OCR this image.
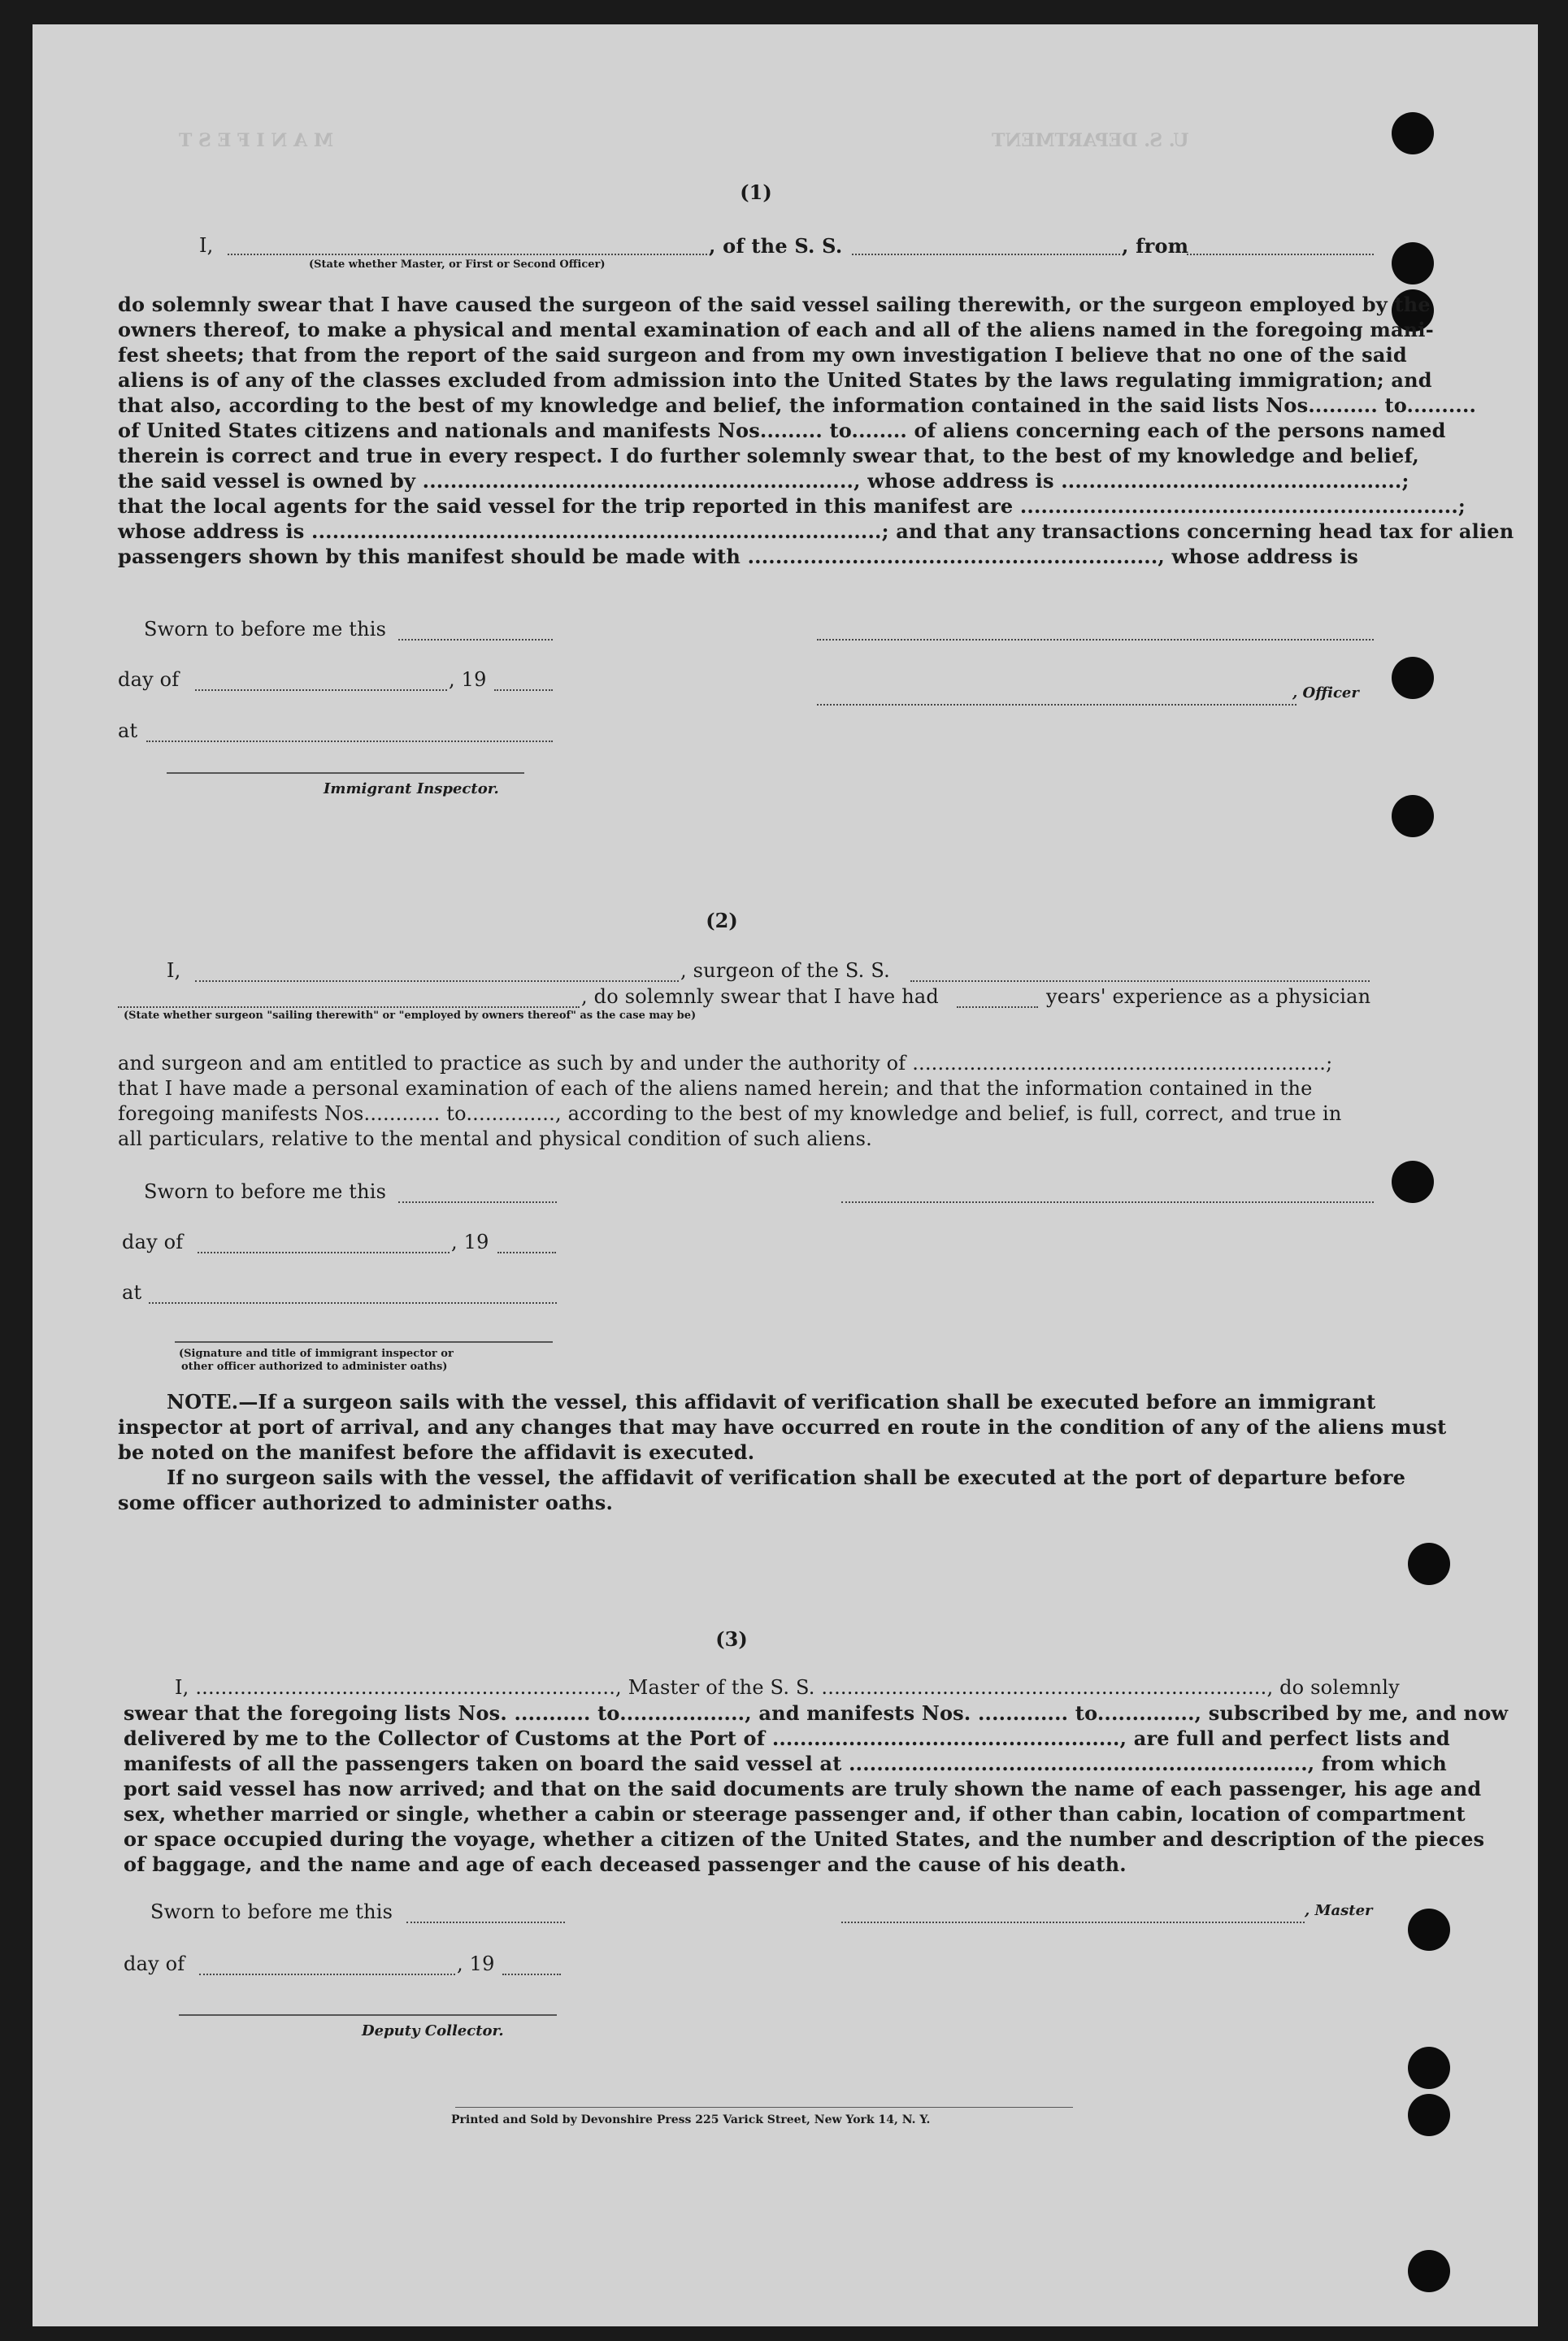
M A N I F E S T	U. S. DEPARTMENT
(1)
I,	, of the S. S.	, from
(State whether Master, or First or Second Officer)
do solemnly swear that I have caused the surgeon of the said vessel sailing therewith, or the surgeon employed by the
owners thereof, to make a physical and mental examination of each and all of the aliens named in the foregoing mani-
fest sheets; that from the report of the said surgeon and from my own investigation I believe that no one of the said
aliens is of any of the classes excluded from admission into the United States by the laws regulating immigration; and
that also, according to the best of my knowledge and belief, the information contained in the said lists Nos.......... to..........
of United States citizens and nationals and manifests Nos......... to........ of aliens concerning each of the persons named
therein is correct and true in every respect. I do further solemnly swear that, to the best of my knowledge and belief,
the said vessel is owned by .............................................................., whose address is .................................................;
that the local agents for the said vessel for the trip reported in this manifest are ...............................................................;
whose address is ..................................................................................; and that any transactions concerning head tax for alien
passengers shown by this manifest should be made with ..........................................................., whose address is
Sworn to before me this
day of	, 19
, Officer
at
Immigrant Inspector.
(2)
I,	, surgeon of the S. S.
, do solemnly swear that I have had	years' experience as a physician
(State whether surgeon "sailing therewith" or "employed by owners thereof" as the case may be)
and surgeon and am entitled to practice as such by and under the authority of .................................................................;
that I have made a personal examination of each of the aliens named herein; and that the information contained in the
foregoing manifests Nos............ to.............., according to the best of my knowledge and belief, is full, correct, and true in
all particulars, relative to the mental and physical condition of such aliens.
Sworn to before me this
day of	, 19
at
(Signature and title of immigrant inspector or
other officer authorized to administer oaths)
NOTE.—If a surgeon sails with the vessel, this affidavit of verification shall be executed before an immigrant
inspector at port of arrival, and any changes that may have occurred en route in the condition of any of the aliens must
be noted on the manifest before the affidavit is executed.
If no surgeon sails with the vessel, the affidavit of verification shall be executed at the port of departure before
some officer authorized to administer oaths.
(3)
I, .................................................................., Master of the S. S. ......................................................................, do solemnly
swear that the foregoing lists Nos. ........... to.................., and manifests Nos. ............. to.............., subscribed by me, and now
delivered by me to the Collector of Customs at the Port of .................................................., are full and perfect lists and
manifests of all the passengers taken on board the said vessel at .................................................................., from which
port said vessel has now arrived; and that on the said documents are truly shown the name of each passenger, his age and
sex, whether married or single, whether a cabin or steerage passenger and, if other than cabin, location of compartment
or space occupied during the voyage, whether a citizen of the United States, and the number and description of the pieces
of baggage, and the name and age of each deceased passenger and the cause of his death.
Sworn to before me this	, Master
day of	, 19
Deputy Collector.
Printed and Sold by Devonshire Press 225 Varick Street, New York 14, N. Y.
